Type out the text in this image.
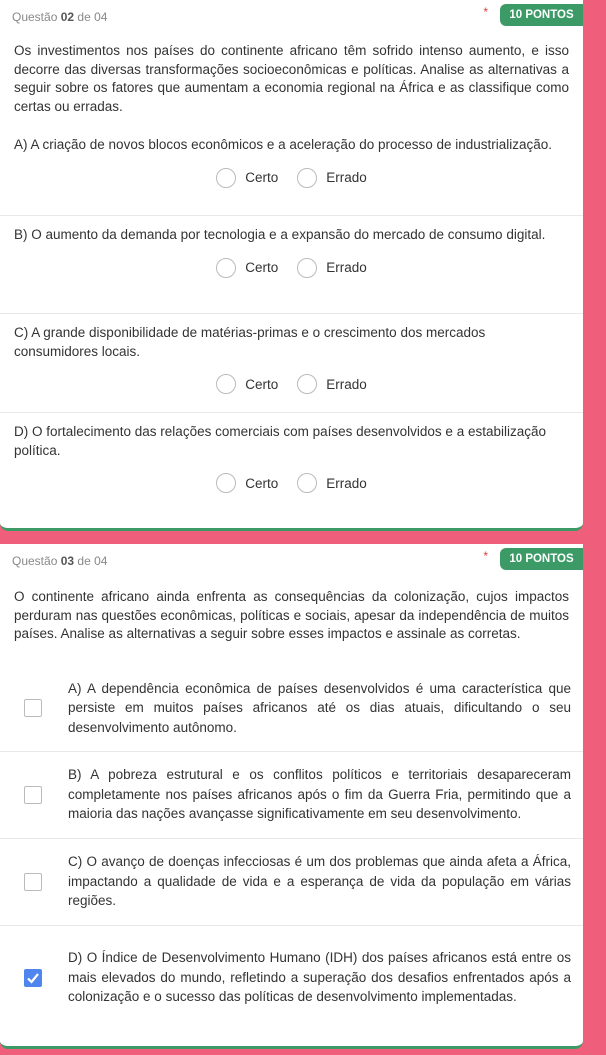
Questão 02 de 04	*	10 PONTOS

Os investimentos nos países do continente africano têm sofrido intenso aumento, e isso decorre das diversas transformações socioeconômicas e políticas. Analise as alternativas a seguir sobre os fatores que aumentam a economia regional na África e as classifique como certas ou erradas.

A) A criação de novos blocos econômicos e a aceleração do processo de industrialização.

Certo	Errado

B) O aumento da demanda por tecnologia e a expansão do mercado de consumo digital.

Certo	Errado

C) A grande disponibilidade de matérias-primas e o crescimento dos mercados consumidores locais.

Certo	Errado

D) O fortalecimento das relações comerciais com países desenvolvidos e a estabilização política.

Certo	Errado
Questão 03 de 04	*	10 PONTOS

O continente africano ainda enfrenta as consequências da colonização, cujos impactos perduram nas questões econômicas, políticas e sociais, apesar da independência de muitos países. Analise as alternativas a seguir sobre esses impactos e assinale as corretas.

A) A dependência econômica de países desenvolvidos é uma característica que persiste em muitos países africanos até os dias atuais, dificultando o seu desenvolvimento autônomo.

B) A pobreza estrutural e os conflitos políticos e territoriais desapareceram completamente nos países africanos após o fim da Guerra Fria, permitindo que a maioria das nações avançasse significativamente em seu desenvolvimento.

C) O avanço de doenças infecciosas é um dos problemas que ainda afeta a África, impactando a qualidade de vida e a esperança de vida da população em várias regiões.

D) O Índice de Desenvolvimento Humano (IDH) dos países africanos está entre os mais elevados do mundo, refletindo a superação dos desafios enfrentados após a colonização e o sucesso das políticas de desenvolvimento implementadas.
